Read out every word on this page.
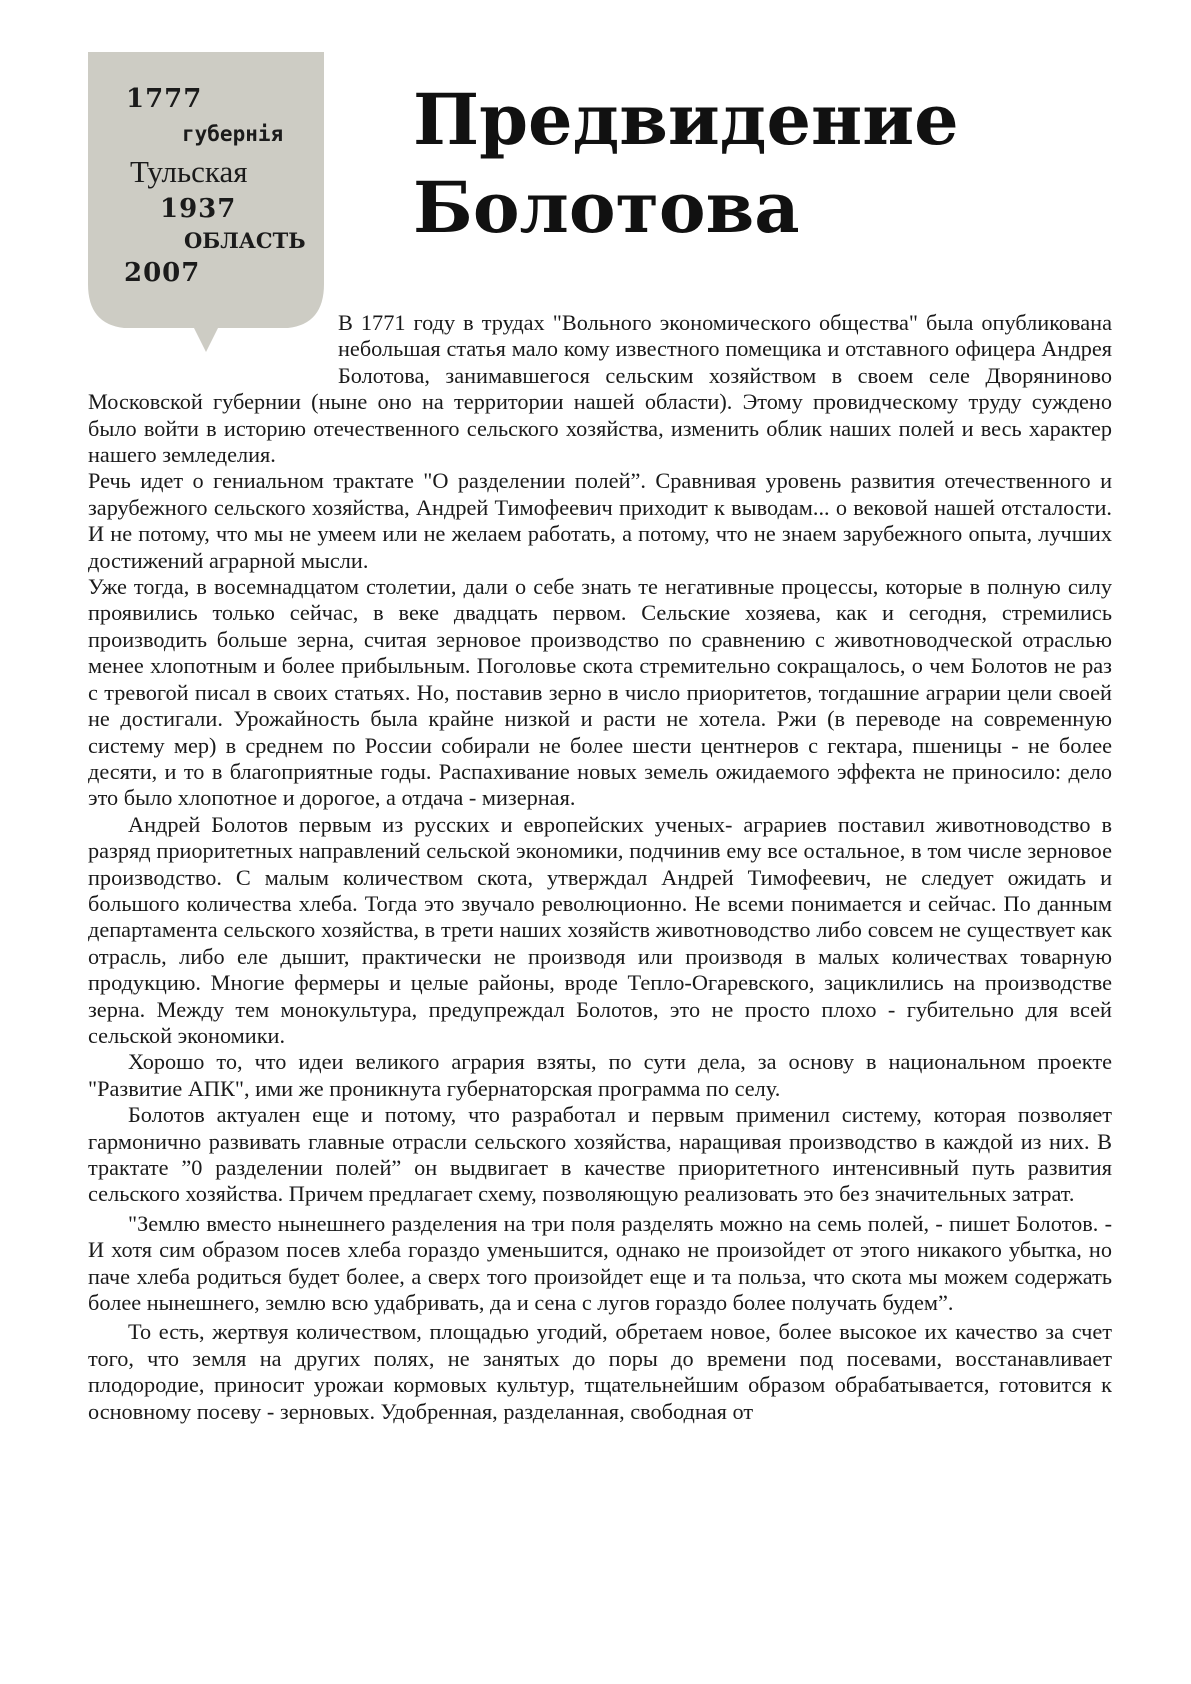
1777
губернія
Тульская
1937
ОБЛАСТЬ
2007
Предвидение
Болотова

В 1771 году в трудах "Вольного экономического общества" была опубликована небольшая статья мало кому известного помещика и отставного офицера Андрея Болотова, занимавшегося сельским хозяйством в своем селе Дворяниново Московской губернии (ныне оно на территории нашей области). Этому провидческому труду суждено было войти в историю отечественного сельского хозяйства, изменить облик наших полей и весь характер нашего земледелия.

Речь идет о гениальном трактате "О разделении полей”. Сравнивая уровень развития отечественного и зарубежного сельского хозяйства, Андрей Тимофеевич приходит к выводам... о вековой нашей отсталости. И не потому, что мы не умеем или не желаем работать, а потому, что не знаем зарубежного опыта, лучших достижений аграрной мысли.

Уже тогда, в восемнадцатом столетии, дали о себе знать те негативные процессы, которые в полную силу проявились только сейчас, в веке двадцать первом. Сельские хозяева, как и сегодня, стремились производить больше зерна, считая зерновое производство по сравнению с животноводческой отраслью менее хлопотным и более прибыльным. Поголовье скота стремительно сокращалось, о чем Болотов не раз с тревогой писал в своих статьях. Но, поставив зерно в число приоритетов, тогдашние аграрии цели своей не достигали. Урожайность была крайне низкой и расти не хотела. Ржи (в переводе на современную систему мер) в среднем по России собирали не более шести центнеров с гектара, пшеницы - не более десяти, и то в благоприятные годы. Распахивание новых земель ожидаемого эффекта не приносило: дело это было хлопотное и дорогое, а отдача - мизерная.

Андрей Болотов первым из русских и европейских ученых- аграриев поставил животноводство в разряд приоритетных направлений сельской экономики, подчинив ему все остальное, в том числе зерновое производство. С малым количеством скота, утверждал Андрей Тимофеевич, не следует ожидать и большого количества хлеба. Тогда это звучало революционно. Не всеми понимается и сейчас. По данным департамента сельского хозяйства, в трети наших хозяйств животноводство либо совсем не существует как отрасль, либо еле дышит, практически не производя или производя в малых количествах товарную продукцию. Многие фермеры и целые районы, вроде Тепло-Огаревского, зациклились на производстве зерна. Между тем монокультура, предупреждал Болотов, это не просто плохо - губительно для всей сельской экономики.

Хорошо то, что идеи великого агрария взяты, по сути дела, за основу в национальном проекте "Развитие АПК", ими же проникнута губернаторская программа по селу.

Болотов актуален еще и потому, что разработал и первым применил систему, которая позволяет гармонично развивать главные отрасли сельского хозяйства, наращивая производство в каждой из них. В трактате ”0 разделении полей” он выдвигает в качестве приоритетного интенсивный путь развития сельского хозяйства. Причем предлагает схему, позволяющую реализовать это без значительных затрат.

"Землю вместо нынешнего разделения на три поля разделять можно на семь полей, - пишет Болотов. - И хотя сим образом посев хлеба гораздо уменьшится, однако не произойдет от этого никакого убытка, но паче хлеба родиться будет более, а сверх того произойдет еще и та польза, что скота мы можем содержать более нынешнего, землю всю удабривать, да и сена с лугов гораздо более получать будем”.

То есть, жертвуя количеством, площадью угодий, обретаем новое, более высокое их качество за счет того, что земля на других полях, не занятых до поры до времени под посевами, восстанавливает плодородие, приносит урожаи кормовых культур, тщательнейшим образом обрабатывается, готовится к основному посеву - зерновых. Удобренная, разделанная, свободная от
